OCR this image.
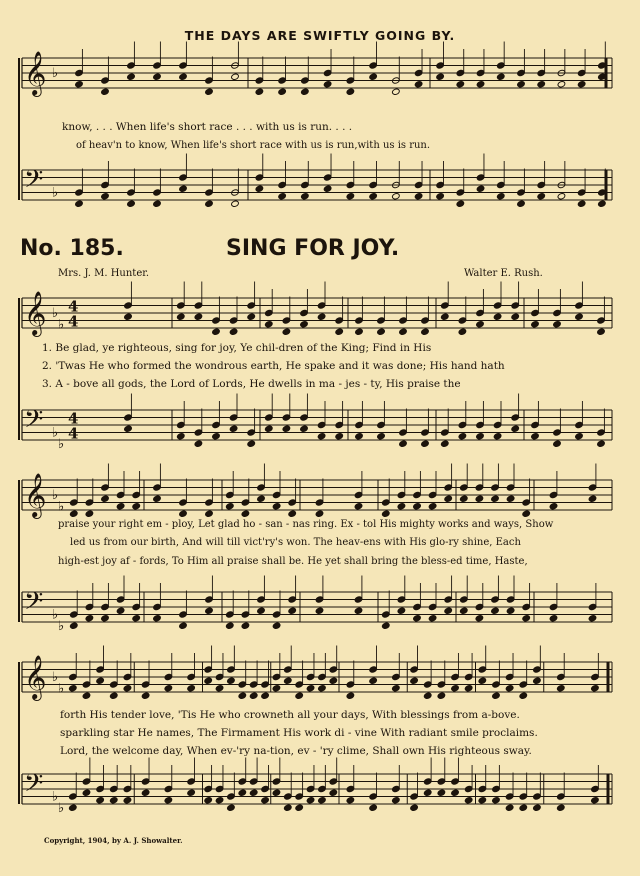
THE DAYS ARE SWIFTLY GOING BY.
𝄞
𝄢
♭
♭
𝄞
𝄢
♭
♭
♭
♭
4
4
4
4
𝄞
𝄢
♭
♭
♭
♭
𝄞
𝄢
♭
♭
♭
♭
know, . . . When life's short race . . . with us is run. . . .
of heav'n to know, When life's short race with us is run,with us is run.
No. 185.	SING FOR JOY.
Mrs. J. M. Hunter.	Walter E. Rush.
1. Be glad, ye righteous, sing for joy, Ye chil-dren of the King; Find in His
2. 'Twas He who formed the wondrous earth, He spake and it was done; His hand hath
3. A - bove all gods, the Lord of Lords, He dwells in ma - jes - ty, His praise the
praise your right em - ploy, Let glad ho - san - nas ring. Ex - tol His mighty works and ways, Show
led us from our birth, And will till vict'ry's won. The heav-ens with His glo-ry shine, Each
high-est joy af - fords, To Him all praise shall be. He yet shall bring the bless-ed time, Haste,
forth His tender love, 'Tis He who crowneth all your days, With blessings from a-bove.
sparkling star He names, The Firmament His work di - vine With radiant smile proclaims.
Lord, the welcome day, When ev-'ry na-tion, ev - 'ry clime, Shall own His righteous sway.
Copyright, 1904, by A. J. Showalter.
